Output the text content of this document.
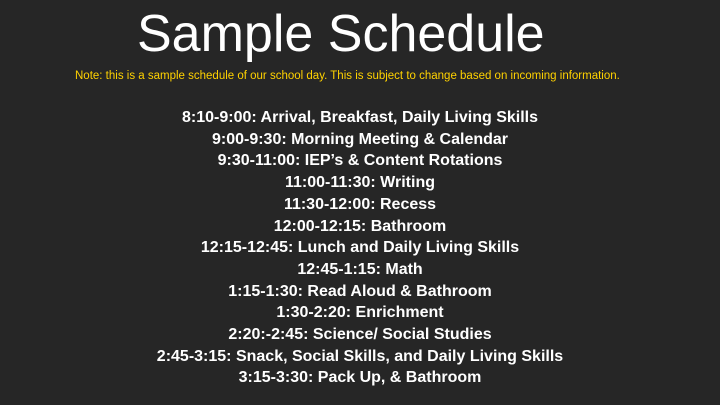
Sample Schedule
Note: this is a sample schedule of our school day. This is subject to change based on incoming information.
8:10-9:00: Arrival, Breakfast, Daily Living Skills
9:00-9:30: Morning Meeting & Calendar
9:30-11:00: IEP’s & Content Rotations
11:00-11:30: Writing
11:30-12:00: Recess
12:00-12:15: Bathroom
12:15-12:45: Lunch and Daily Living Skills
12:45-1:15: Math
1:15-1:30: Read Aloud & Bathroom
1:30-2:20: Enrichment
2:20:-2:45: Science/ Social Studies
2:45-3:15: Snack, Social Skills, and Daily Living Skills
3:15-3:30: Pack Up, & Bathroom
